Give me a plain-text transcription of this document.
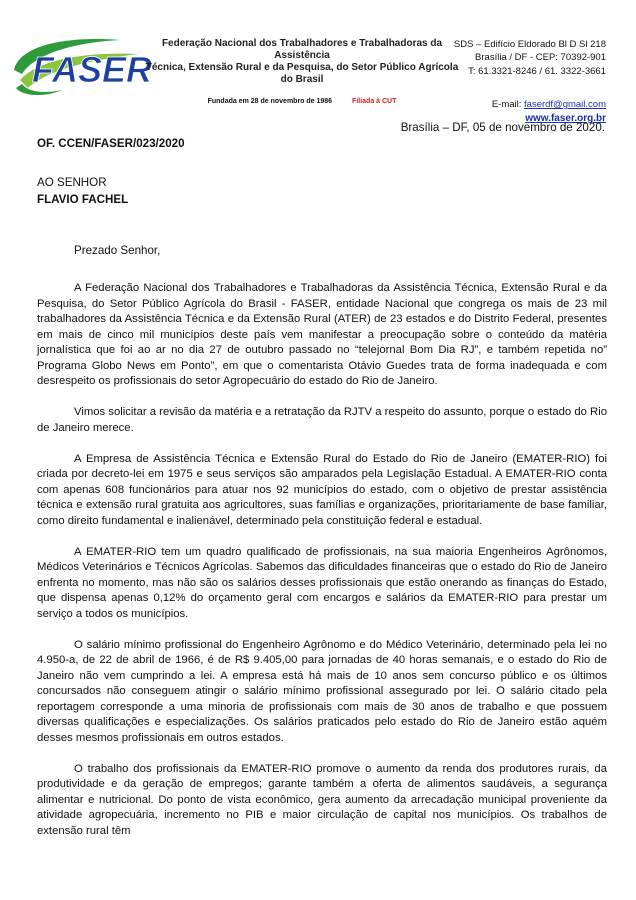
FASER
Federação Nacional dos Trabalhadores e Trabalhadoras da Assistência
Técnica, Extensão Rural e da Pesquisa, do Setor Público Agrícola do Brasil
Fundada em 28 de novembro de 1986	Filiada à CUT
SDS – Edifício Eldorado Bl D Sl 218
Brasília / DF - CEP: 70392-901
T: 61.3321-8246 / 61. 3322-3661
E-mail: faserdf@gmail.com
www.faser.org.br
Brasília – DF, 05 de novembro de 2020.
OF. CCEN/FASER/023/2020
AO SENHOR
FLAVIO FACHEL
Prezado Senhor,

A Federação Nacional dos Trabalhadores e Trabalhadoras da Assistência Técnica, Extensão Rural e da Pesquisa, do Setor Público Agrícola do Brasil - FASER, entidade Nacional que congrega os mais de 23 mil trabalhadores da Assistência Técnica e da Extensão Rural (ATER) de 23 estados e do Distrito Federal, presentes em mais de cinco mil municípios deste país vem manifestar a preocupação sobre o conteúdo da matéria jornalística que foi ao ar no dia 27 de outubro passado no “telejornal Bom Dia RJ”, e também repetida no” Programa Globo News em Ponto”, em que o comentarista Otávio Guedes trata de forma inadequada e com desrespeito os profissionais do setor Agropecuário do estado do Rio de Janeiro.

Vimos solicitar a revisão da matéria e a retratação da RJTV a respeito do assunto, porque o estado do Rio de Janeiro merece.

A Empresa de Assistência Técnica e Extensão Rural do Estado do Rio de Janeiro (EMATER-RIO) foi criada por decreto-lei em 1975 e seus serviços são amparados pela Legislação Estadual. A EMATER-RIO conta com apenas 608 funcionários para atuar nos 92 municípios do estado, com o objetivo de prestar assistência técnica e extensão rural gratuita aos agricultores, suas famílias e organizações, prioritariamente de base familiar, como direito fundamental e inalienável, determinado pela constituição federal e estadual.

A EMATER-RIO tem um quadro qualificado de profissionais, na sua maioria Engenheiros Agrônomos, Médicos Veterinários e Técnicos Agrícolas. Sabemos das dificuldades financeiras que o estado do Rio de Janeiro enfrenta no momento, mas não são os salários desses profissionais que estão onerando as finanças do Estado, que dispensa apenas 0,12% do orçamento geral com encargos e salários da EMATER-RIO para prestar um serviço a todos os municípios.

O salário mínimo profissional do Engenheiro Agrônomo e do Médico Veterinário, determinado pela lei no 4.950-a, de 22 de abril de 1966, é de R$ 9.405,00 para jornadas de 40 horas semanais, e o estado do Rio de Janeiro não vem cumprindo a lei. A empresa está há mais de 10 anos sem concurso público e os últimos concursados não conseguem atingir o salário mínimo profissional assegurado por lei. O salário citado pela reportagem corresponde a uma minoria de profissionais com mais de 30 anos de trabalho e que possuem diversas qualificações e especializações. Os salários praticados pelo estado do Rio de Janeiro estão aquém desses mesmos profissionais em outros estados.

O trabalho dos profissionais da EMATER-RIO promove o aumento da renda dos produtores rurais, da produtividade e da geração de empregos; garante também a oferta de alimentos saudáveis, a segurança alimentar e nutricional. Do ponto de vista econômico, gera aumento da arrecadação municipal proveniente da atividade agropecuária, incremento no PIB e maior circulação de capital nos municípios. Os trabalhos de extensão rural têm
